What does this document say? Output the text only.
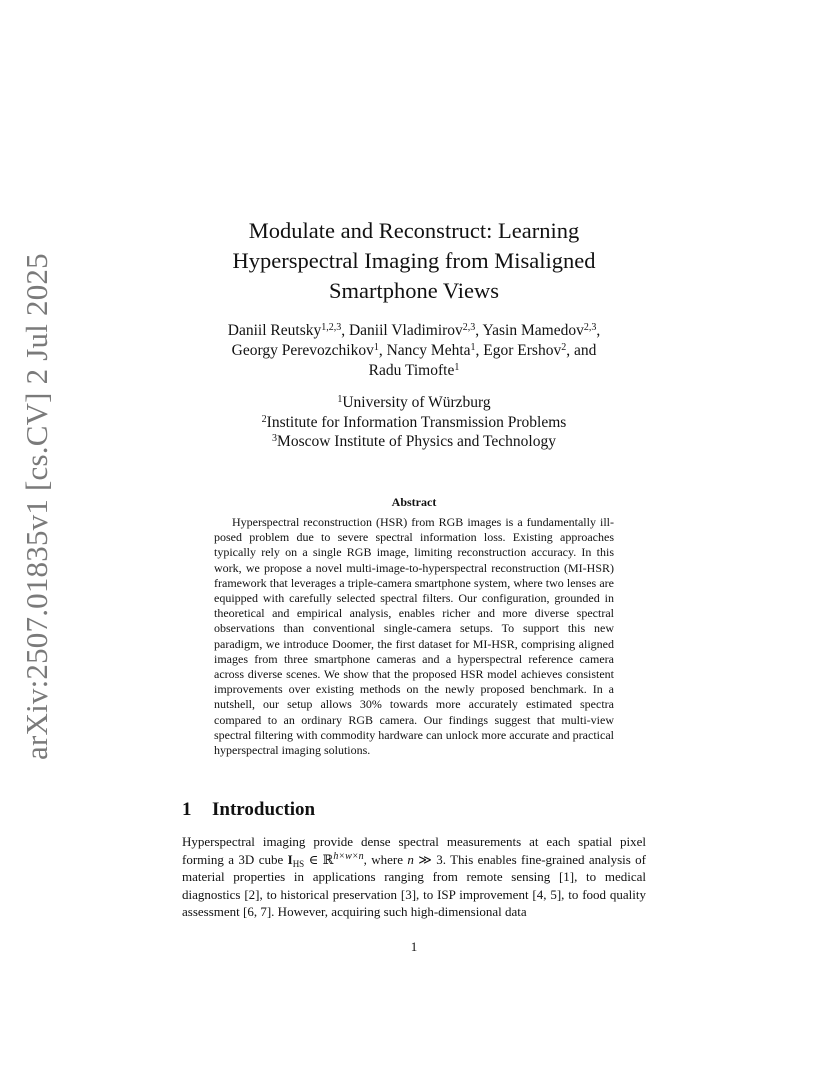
arXiv:2507.01835v1 [cs.CV] 2 Jul 2025
Modulate and Reconstruct: Learning
Hyperspectral Imaging from Misaligned
Smartphone Views
Daniil Reutsky$^{1,2,3}$, Daniil Vladimirov$^{2,3}$, Yasin Mamedov$^{2,3}$,
Georgy Perevozchikov$^1$, Nancy Mehta$^1$, Egor Ershov$^2$, and
Radu Timofte$^1$
$^1$University of Würzburg
$^2$Institute for Information Transmission Problems
$^3$Moscow Institute of Physics and Technology
Abstract

Hyperspectral reconstruction (HSR) from RGB images is a fundamentally ill-posed problem due to severe spectral information loss. Existing approaches typically rely on a single RGB image, limiting reconstruction accuracy. In this work, we propose a novel multi-image-to-hyperspectral reconstruction (MI-HSR) framework that leverages a triple-camera smartphone system, where two lenses are equipped with carefully selected spectral filters. Our configuration, grounded in theoretical and empirical analysis, enables richer and more diverse spectral observations than conventional single-camera setups. To support this new paradigm, we introduce Doomer, the first dataset for MI-HSR, comprising aligned images from three smartphone cameras and a hyperspectral reference camera across diverse scenes. We show that the proposed HSR model achieves consistent improvements over existing methods on the newly proposed benchmark. In a nutshell, our setup allows 30% towards more accurately estimated spectra compared to an ordinary RGB camera. Our findings suggest that multi-view spectral filtering with commodity hardware can unlock more accurate and practical hyperspectral imaging solutions.

1 Introduction

Hyperspectral imaging provide dense spectral measurements at each spatial pixel forming a 3D cube $I_{HS}$ ∈ ℝ$^{h\times w\times n}$, where n ≫ 3. This enables fine-grained analysis of material properties in applications ranging from remote sensing [1], to medical diagnostics [2], to historical preservation [3], to ISP improvement [4, 5], to food quality assessment [6, 7]. However, acquiring such high-dimensional data

1
